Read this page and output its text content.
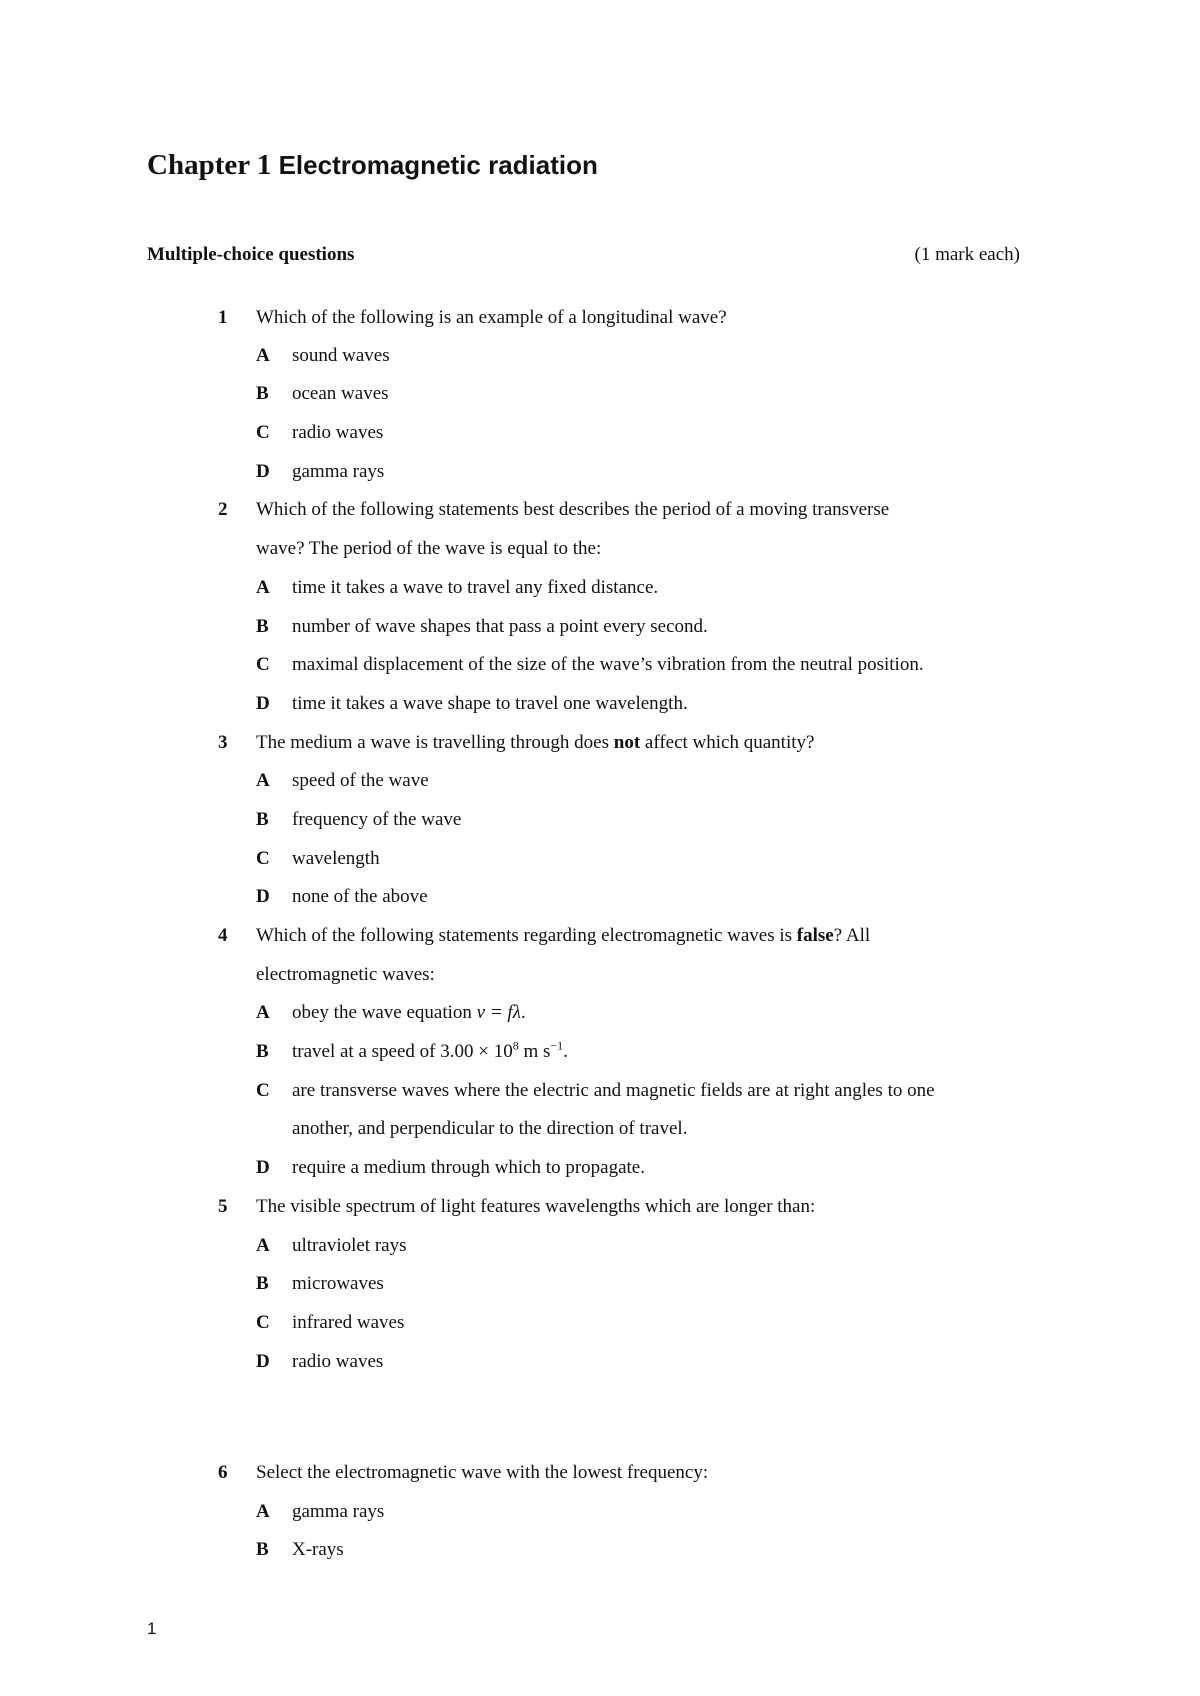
Chapter 1 Electromagnetic radiation
Multiple-choice questions	(1 mark each)
1 Which of the following is an example of a longitudinal wave?
A sound waves
B ocean waves
C radio waves
D gamma rays
2 Which of the following statements best describes the period of a moving transverse
wave? The period of the wave is equal to the:
A time it takes a wave to travel any fixed distance.
B number of wave shapes that pass a point every second.
C maximal displacement of the size of the wave’s vibration from the neutral position.
D time it takes a wave shape to travel one wavelength.
3 The medium a wave is travelling through does not affect which quantity?
A speed of the wave
B frequency of the wave
C wavelength
D none of the above
4 Which of the following statements regarding electromagnetic waves is false? All
electromagnetic waves:
A obey the wave equation v = fλ.
B travel at a speed of $3.00 \times 10^8$ m $s^{-1}$.
C are transverse waves where the electric and magnetic fields are at right angles to one
another, and perpendicular to the direction of travel.
D require a medium through which to propagate.
5 The visible spectrum of light features wavelengths which are longer than:
A ultraviolet rays
B microwaves
C infrared waves
D radio waves
6 Select the electromagnetic wave with the lowest frequency:
A gamma rays
B X-rays
1
